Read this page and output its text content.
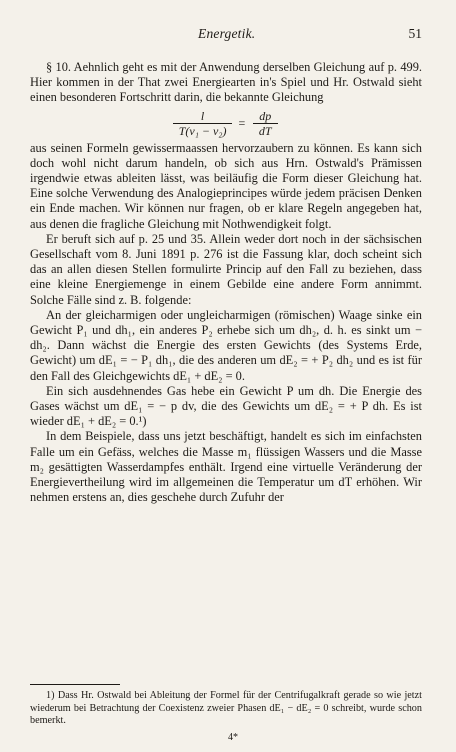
Energetik.	51

§ 10. Aehnlich geht es mit der Anwendung derselben Gleichung auf p. 499. Hier kommen in der That zwei Energiearten in's Spiel und Hr. Ostwald sieht einen besonderen Fortschritt darin, die bekannte Gleichung

$\frac{l}{\text{T(v₁ − v₂)}} = \frac{dp}{dT}$

aus seinen Formeln gewissermaassen hervorzaubern zu können. Es kann sich doch wohl nicht darum handeln, ob sich aus Hrn. Ostwald's Prämissen irgendwie etwas ableiten lässt, was beiläufig die Form dieser Gleichung hat. Eine solche Verwendung des Analogieprincipes würde jedem präcisen Denken ein Ende machen. Wir können nur fragen, ob er klare Regeln angegeben hat, aus denen die fragliche Gleichung mit Nothwendigkeit folgt.

Er beruft sich auf p. 25 und 35. Allein weder dort noch in der sächsischen Gesellschaft vom 8. Juni 1891 p. 276 ist die Fassung klar, doch scheint sich das an allen diesen Stellen formulirte Princip auf den Fall zu beziehen, dass eine kleine Energiemenge in einem Gebilde eine andere Form annimmt. Solche Fälle sind z. B. folgende:

An der gleicharmigen oder ungleicharmigen (römischen) Waage sinke ein Gewicht P₁ und dh₁, ein anderes P₂ erhebe sich um dh₂, d. h. es sinkt um − dh₂. Dann wächst die Energie des ersten Gewichts (des Systems Erde, Gewicht) um dE₁ = − P₁ dh₁, die des anderen um dE₂ = + P₂ dh₂ und es ist für den Fall des Gleichgewichts dE₁ + dE₂ = 0.

Ein sich ausdehnendes Gas hebe ein Gewicht P um dh. Die Energie des Gases wächst um dE₁ = − p dv, die des Gewichts um dE₂ = + P dh. Es ist wieder dE₁ + dE₂ = 0.¹)

In dem Beispiele, dass uns jetzt beschäftigt, handelt es sich im einfachsten Falle um ein Gefäss, welches die Masse m₁ flüssigen Wassers und die Masse m₂ gesättigten Wasserdampfes enthält. Irgend eine virtuelle Veränderung der Energievertheilung wird im allgemeinen die Temperatur um dT erhöhen. Wir nehmen erstens an, dies geschehe durch Zufuhr der

1) Dass Hr. Ostwald bei Ableitung der Formel für der Centrifugalkraft gerade so wie jetzt wiederum bei Betrachtung der Coexistenz zweier Phasen dE₁ − dE₂ = 0 schreibt, wurde schon bemerkt.

4*
